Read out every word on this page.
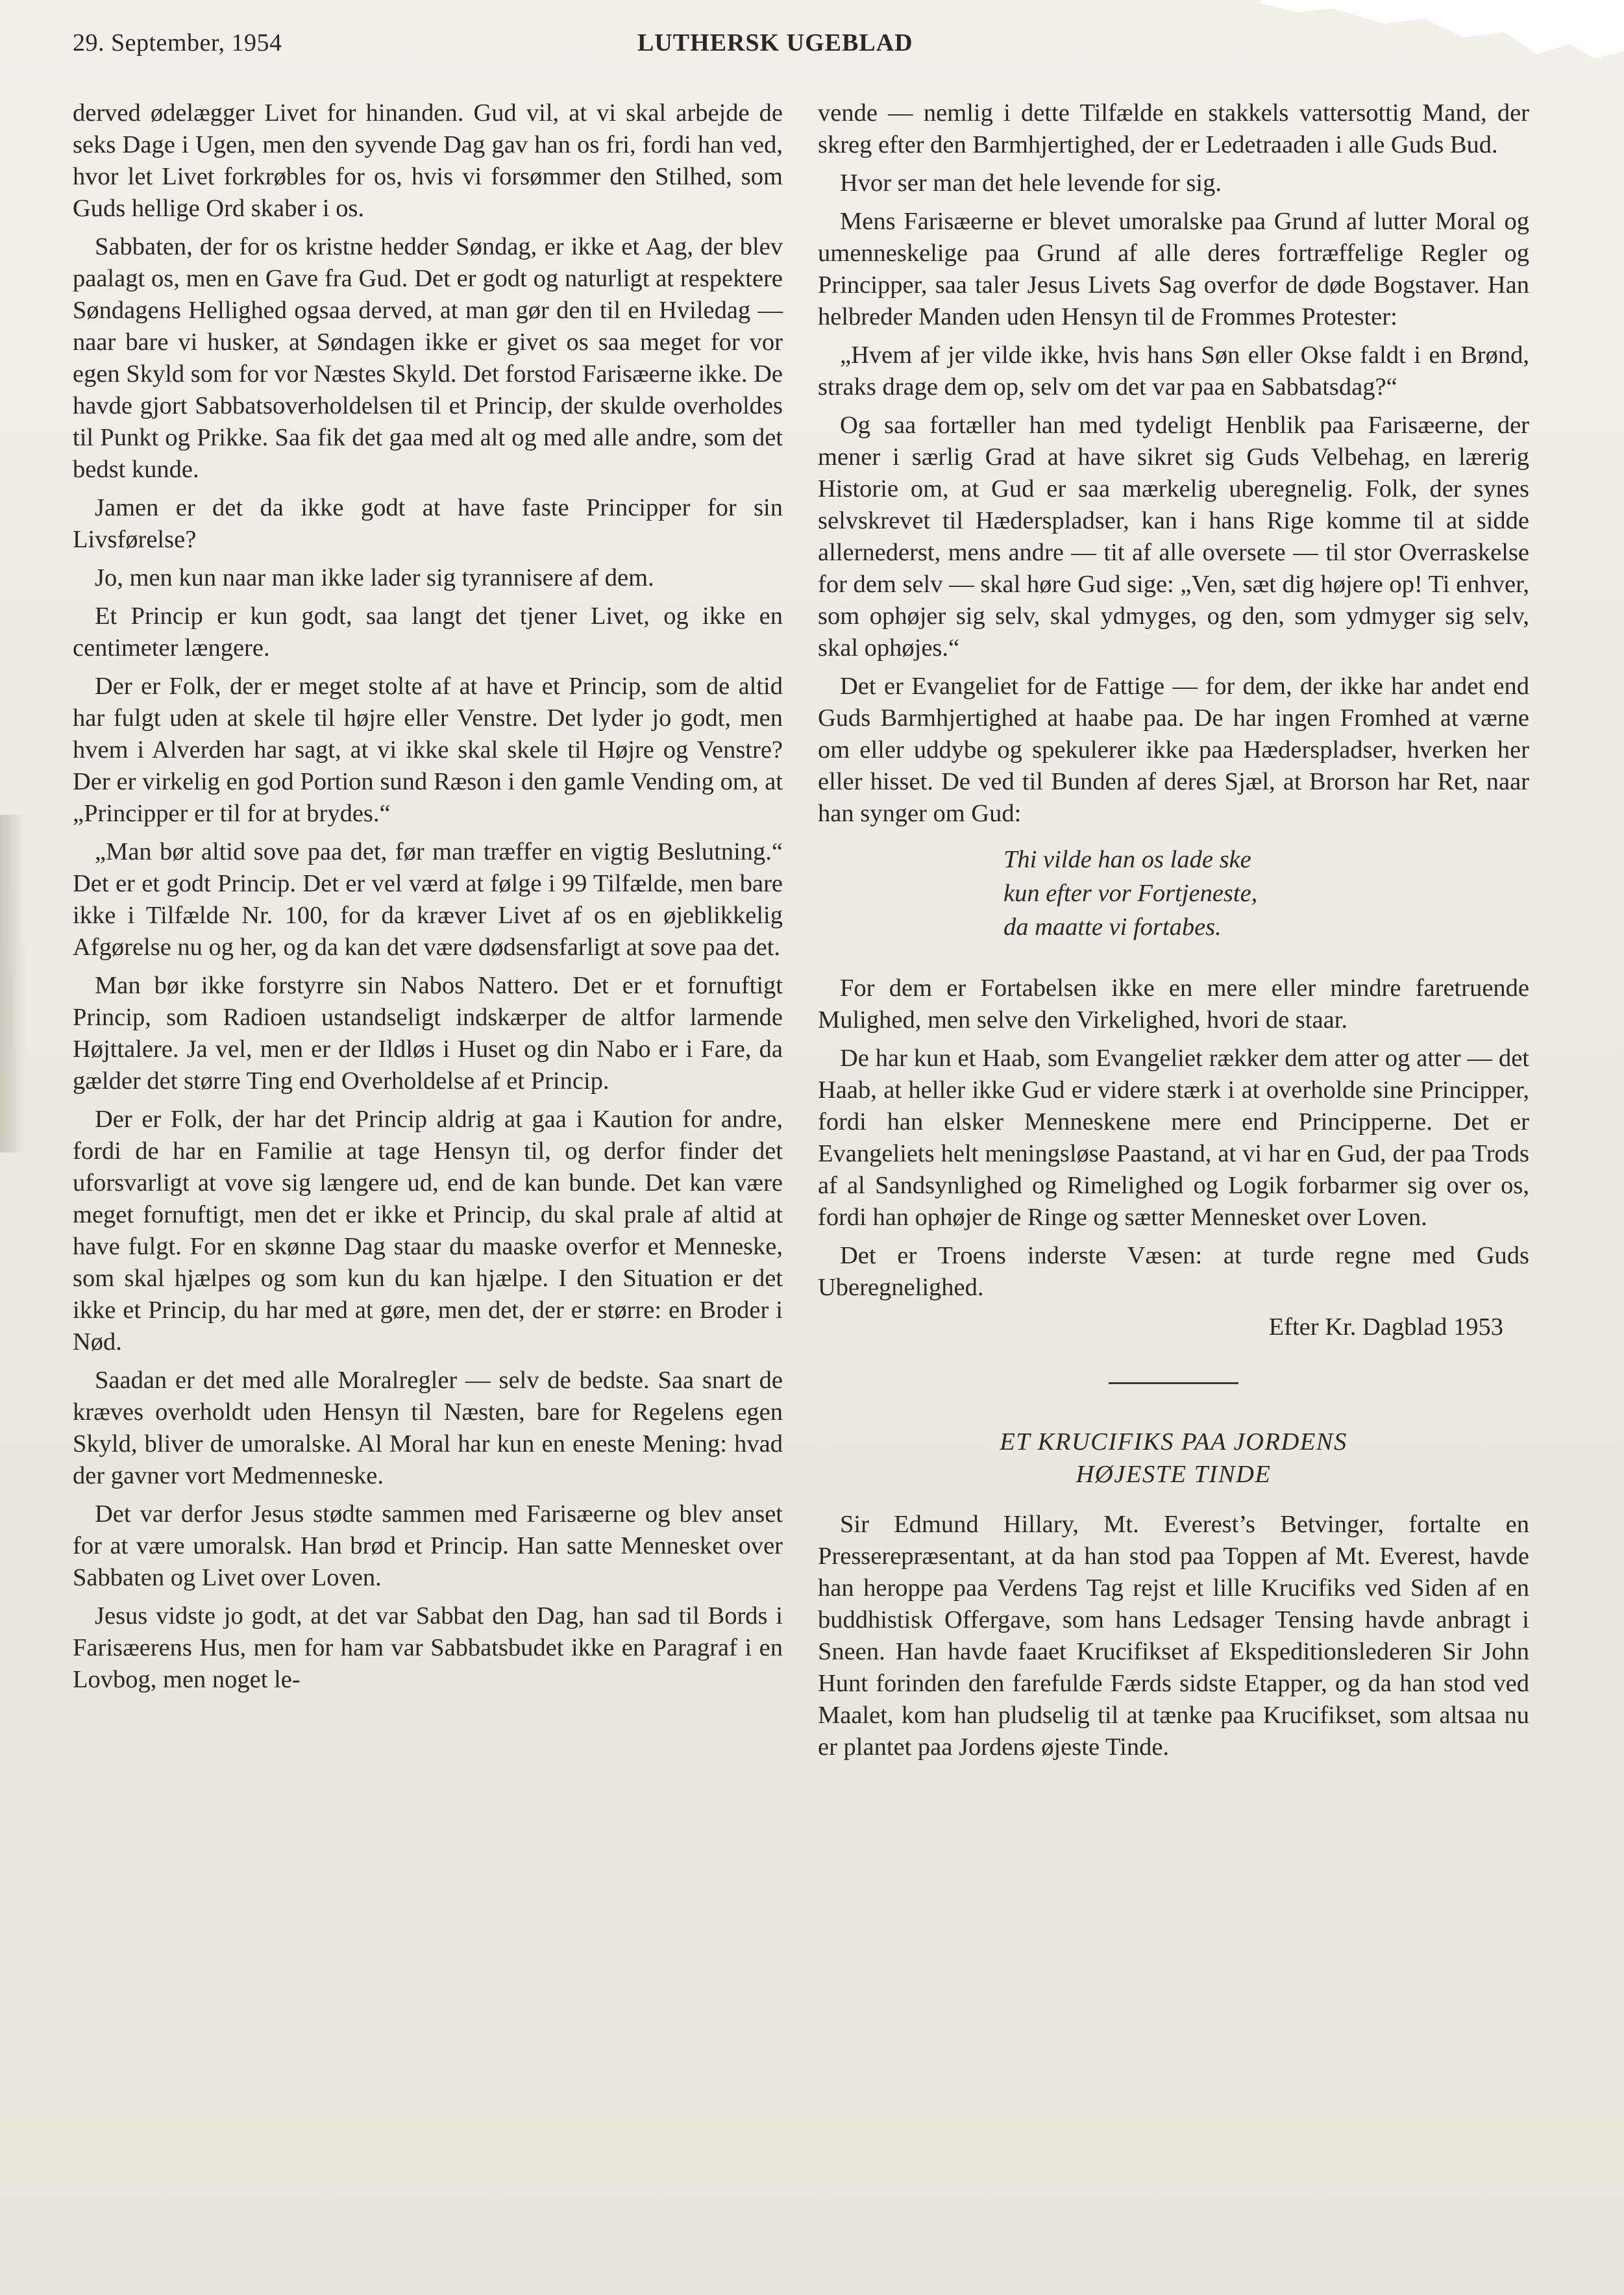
29. September, 1954	LUTHERSK UGEBLAD

derved ødelægger Livet for hinanden. Gud vil, at vi skal arbejde de seks Dage i Ugen, men den syvende Dag gav han os fri, fordi han ved, hvor let Livet forkrøbles for os, hvis vi forsømmer den Stilhed, som Guds hellige Ord skaber i os.

Sabbaten, der for os kristne hedder Søndag, er ikke et Aag, der blev paalagt os, men en Gave fra Gud. Det er godt og naturligt at respektere Søndagens Hellighed ogsaa derved, at man gør den til en Hviledag — naar bare vi husker, at Søndagen ikke er givet os saa meget for vor egen Skyld som for vor Næstes Skyld. Det forstod Farisæerne ikke. De havde gjort Sabbatsoverholdelsen til et Princip, der skulde overholdes til Punkt og Prikke. Saa fik det gaa med alt og med alle andre, som det bedst kunde.

Jamen er det da ikke godt at have faste Principper for sin Livsførelse?

Jo, men kun naar man ikke lader sig tyrannisere af dem.

Et Princip er kun godt, saa langt det tjener Livet, og ikke en centimeter længere.

Der er Folk, der er meget stolte af at have et Princip, som de altid har fulgt uden at skele til højre eller Venstre. Det lyder jo godt, men hvem i Alverden har sagt, at vi ikke skal skele til Højre og Venstre? Der er virkelig en god Portion sund Ræson i den gamle Vending om, at „Principper er til for at brydes.“

„Man bør altid sove paa det, før man træffer en vigtig Beslutning.“ Det er et godt Princip. Det er vel værd at følge i 99 Tilfælde, men bare ikke i Tilfælde Nr. 100, for da kræver Livet af os en øjeblikkelig Afgørelse nu og her, og da kan det være dødsensfarligt at sove paa det.

Man bør ikke forstyrre sin Nabos Nattero. Det er et fornuftigt Princip, som Radioen ustandseligt indskærper de altfor larmende Højttalere. Ja vel, men er der Ildløs i Huset og din Nabo er i Fare, da gælder det større Ting end Overholdelse af et Princip.

Der er Folk, der har det Princip aldrig at gaa i Kaution for andre, fordi de har en Familie at tage Hensyn til, og derfor finder det uforsvarligt at vove sig længere ud, end de kan bunde. Det kan være meget fornuftigt, men det er ikke et Princip, du skal prale af altid at have fulgt. For en skønne Dag staar du maaske overfor et Menneske, som skal hjælpes og som kun du kan hjælpe. I den Situation er det ikke et Princip, du har med at gøre, men det, der er større: en Broder i Nød.

Saadan er det med alle Moralregler — selv de bedste. Saa snart de kræves overholdt uden Hensyn til Næsten, bare for Regelens egen Skyld, bliver de umoralske. Al Moral har kun en eneste Mening: hvad der gavner vort Medmenneske.

Det var derfor Jesus stødte sammen med Farisæerne og blev anset for at være umoralsk. Han brød et Princip. Han satte Mennesket over Sabbaten og Livet over Loven.

Jesus vidste jo godt, at det var Sabbat den Dag, han sad til Bords i Farisæerens Hus, men for ham var Sabbatsbudet ikke en Paragraf i en Lovbog, men noget le-

vende — nemlig i dette Tilfælde en stakkels vattersottig Mand, der skreg efter den Barmhjertighed, der er Ledetraaden i alle Guds Bud.

Hvor ser man det hele levende for sig.

Mens Farisæerne er blevet umoralske paa Grund af lutter Moral og umenneskelige paa Grund af alle deres fortræffelige Regler og Principper, saa taler Jesus Livets Sag overfor de døde Bogstaver. Han helbreder Manden uden Hensyn til de Frommes Protester:

„Hvem af jer vilde ikke, hvis hans Søn eller Okse faldt i en Brønd, straks drage dem op, selv om det var paa en Sabbatsdag?“

Og saa fortæller han med tydeligt Henblik paa Farisæerne, der mener i særlig Grad at have sikret sig Guds Velbehag, en lærerig Historie om, at Gud er saa mærkelig uberegnelig. Folk, der synes selvskrevet til Hæderspladser, kan i hans Rige komme til at sidde allernederst, mens andre — tit af alle oversete — til stor Overraskelse for dem selv — skal høre Gud sige: „Ven, sæt dig højere op! Ti enhver, som ophøjer sig selv, skal ydmyges, og den, som ydmyger sig selv, skal ophøjes.“

Det er Evangeliet for de Fattige — for dem, der ikke har andet end Guds Barmhjertighed at haabe paa. De har ingen Fromhed at værne om eller uddybe og spekulerer ikke paa Hæderspladser, hverken her eller hisset. De ved til Bunden af deres Sjæl, at Brorson har Ret, naar han synger om Gud:

Thi vilde han os lade ske
kun efter vor Fortjeneste,
da maatte vi fortabes.

For dem er Fortabelsen ikke en mere eller mindre faretruende Mulighed, men selve den Virkelighed, hvori de staar.

De har kun et Haab, som Evangeliet rækker dem atter og atter — det Haab, at heller ikke Gud er videre stærk i at overholde sine Principper, fordi han elsker Menneskene mere end Principperne. Det er Evangeliets helt meningsløse Paastand, at vi har en Gud, der paa Trods af al Sandsynlighed og Rimelighed og Logik forbarmer sig over os, fordi han ophøjer de Ringe og sætter Mennesket over Loven.

Det er Troens inderste Væsen: at turde regne med Guds Uberegnelighed.

Efter Kr. Dagblad 1953
ET KRUCIFIKS PAA JORDENS
HØJESTE TINDE

Sir Edmund Hillary, Mt. Everest’s Betvinger, fortalte en Presserepræsentant, at da han stod paa Toppen af Mt. Everest, havde han heroppe paa Verdens Tag rejst et lille Krucifiks ved Siden af en buddhistisk Offergave, som hans Ledsager Tensing havde anbragt i Sneen. Han havde faaet Krucifikset af Ekspeditionslederen Sir John Hunt forinden den farefulde Færds sidste Etapper, og da han stod ved Maalet, kom han pludselig til at tænke paa Krucifikset, som altsaa nu er plantet paa Jordens øjeste Tinde.
